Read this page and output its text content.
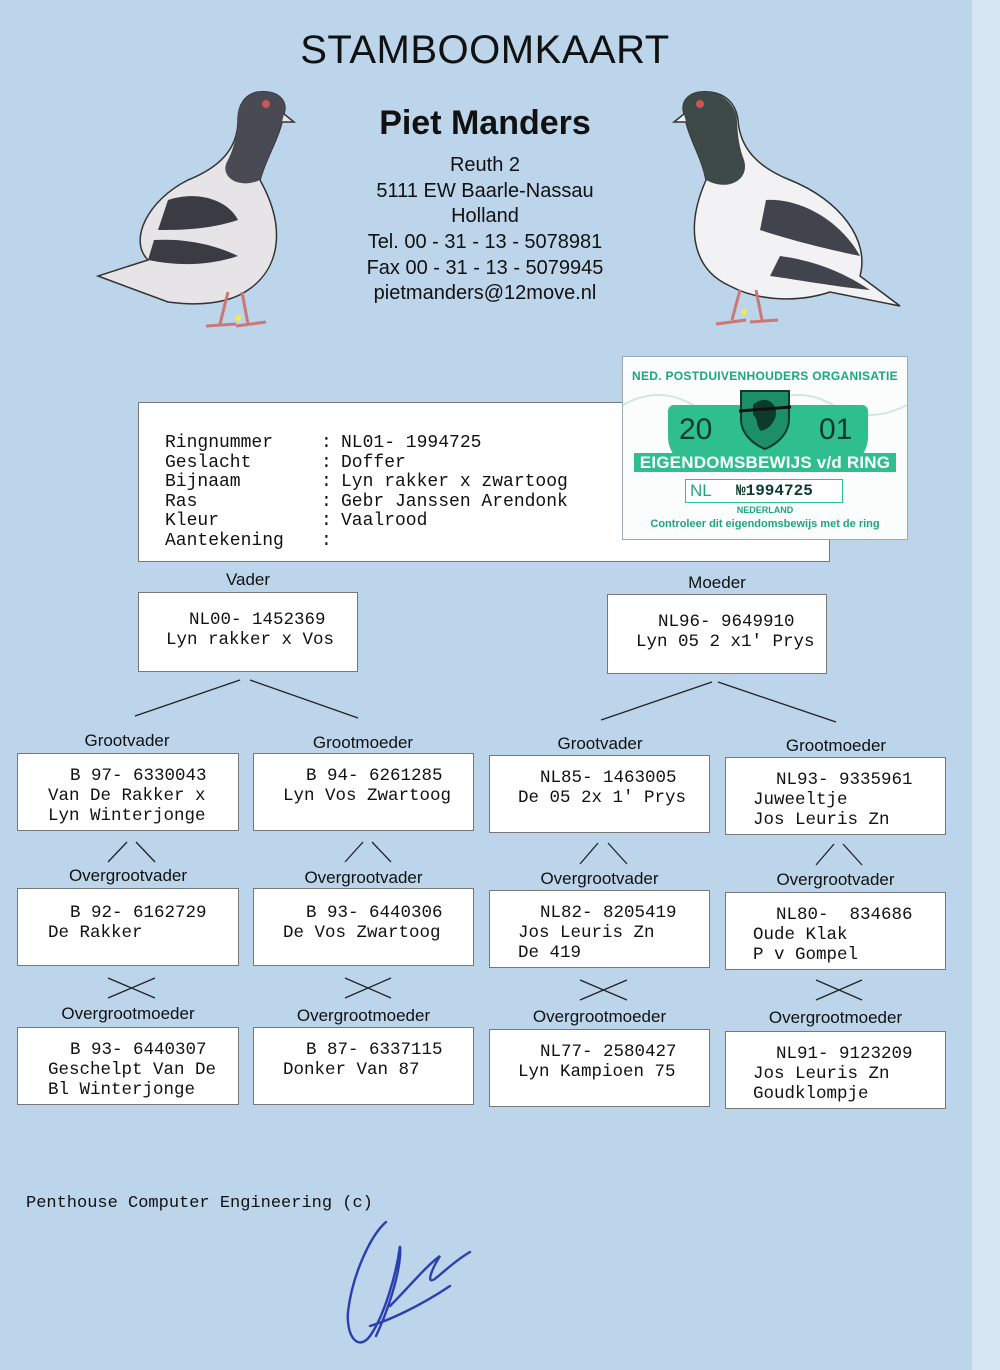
STAMBOOMKAART
Piet Manders
Reuth 2
5111 EW Baarle-Nassau
Holland
Tel. 00 - 31 - 13 - 5078981
Fax 00 - 31 - 13 - 5079945
pietmanders@12move.nl
Ringnummer	: NL01- 1994725
Geslacht	: Doffer
Bijnaam	: Lyn rakker x zwartoog
Ras	: Gebr Janssen Arendonk
Kleur	: Vaalrood
Aantekening :
NED. POSTDUIVENHOUDERS ORGANISATIE
20	01
EIGENDOMSBEWIJS v/d RING
NL №1994725
NEDERLAND
Controleer dit eigendomsbewijs met de ring
Vader
NL00- 1452369
Lyn rakker x Vos
Moeder
NL96- 9649910
Lyn 05 2 x1' Prys
Grootvader
B 97- 6330043
Van De Rakker x
Lyn Winterjonge
Grootmoeder
B 94- 6261285
Lyn Vos Zwartoog
Grootvader
NL85- 1463005
De 05 2x 1' Prys
Grootmoeder
NL93- 9335961
Juweeltje
Jos Leuris Zn
Overgrootvader
B 92- 6162729
De Rakker
Overgrootvader
B 93- 6440306
De Vos Zwartoog
Overgrootvader
NL82- 8205419
Jos Leuris Zn
De 419
Overgrootvader
NL80-  834686
Oude Klak
P v Gompel
Overgrootmoeder
B 93- 6440307
Geschelpt Van De
Bl Winterjonge
Overgrootmoeder
B 87- 6337115
Donker Van 87
Overgrootmoeder
NL77- 2580427
Lyn Kampioen 75
Overgrootmoeder
NL91- 9123209
Jos Leuris Zn
Goudklompje
Penthouse Computer Engineering (c)
